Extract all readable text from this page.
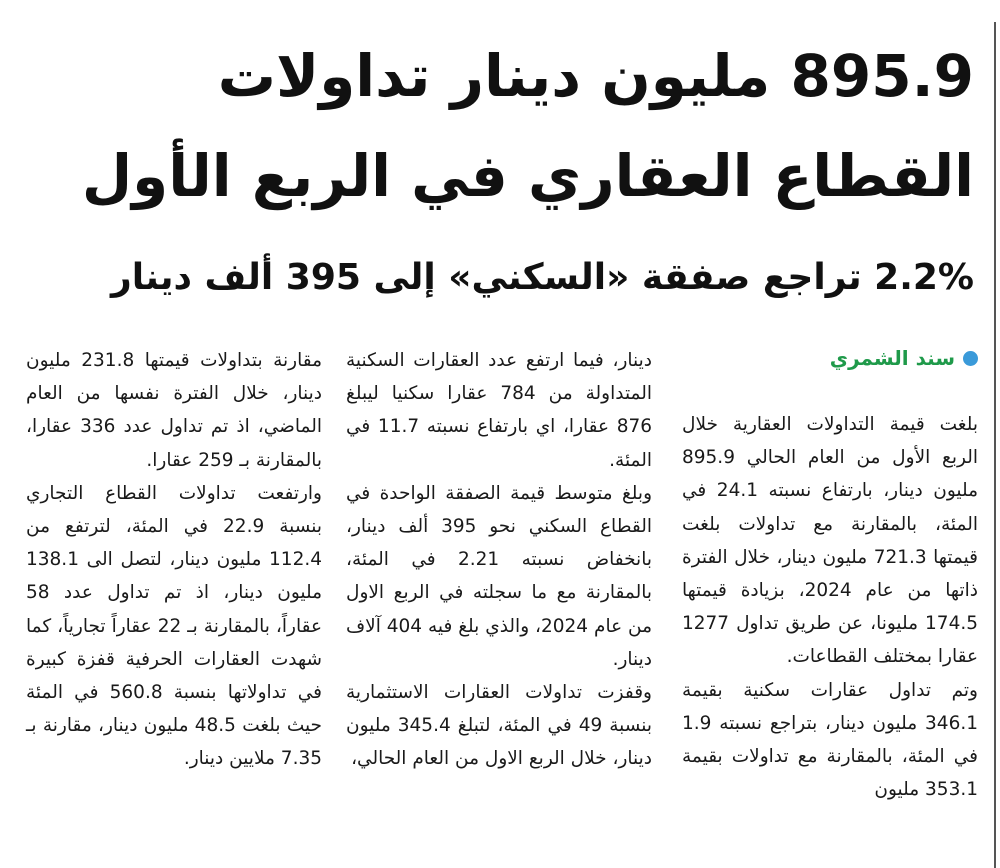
895.9 مليون دينار تداولات القطاع العقاري في الربع الأول
2.2% تراجع صفقة «السكني» إلى 395 ألف دينار
سند الشمري

بلغت قيمة التداولات العقارية خلال الربع الأول من العام الحالي 895.9 مليون دينار، بارتفاع نسبته 24.1 في المئة، بالمقارنة مع تداولات بلغت قيمتها 721.3 مليون دينار، خلال الفترة ذاتها من عام 2024، بزيادة قيمتها 174.5 مليونا، عن طريق تداول 1277 عقارا بمختلف القطاعات.

وتم تداول عقارات سكنية بقيمة 346.1 مليون دينار، بتراجع نسبته 1.9 في المئة، بالمقارنة مع تداولات بقيمة 353.1 مليون

دينار، فيما ارتفع عدد العقارات السكنية المتداولة من 784 عقارا سكنيا ليبلغ 876 عقارا، اي بارتفاع نسبته 11.7 في المئة.

وبلغ متوسط قيمة الصفقة الواحدة في القطاع السكني نحو 395 ألف دينار، بانخفاض نسبته 2.21 في المئة، بالمقارنة مع ما سجلته في الربع الاول من عام 2024، والذي بلغ فيه 404 آلاف دينار.

وقفزت تداولات العقارات الاستثمارية بنسبة 49 في المئة، لتبلغ 345.4 مليون دينار، خلال الربع الاول من العام الحالي،

مقارنة بتداولات قيمتها 231.8 مليون دينار، خلال الفترة نفسها من العام الماضي، اذ تم تداول عدد 336 عقارا، بالمقارنة بـ 259 عقارا.

وارتفعت تداولات القطاع التجاري بنسبة 22.9 في المئة، لترتفع من 112.4 مليون دينار، لتصل الى 138.1 مليون دينار، اذ تم تداول عدد 58 عقاراً، بالمقارنة بـ 22 عقاراً تجارياً، كما شهدت العقارات الحرفية قفزة كبيرة في تداولاتها بنسبة 560.8 في المئة حيث بلغت 48.5 مليون دينار، مقارنة بـ 7.35 ملايين دينار.
